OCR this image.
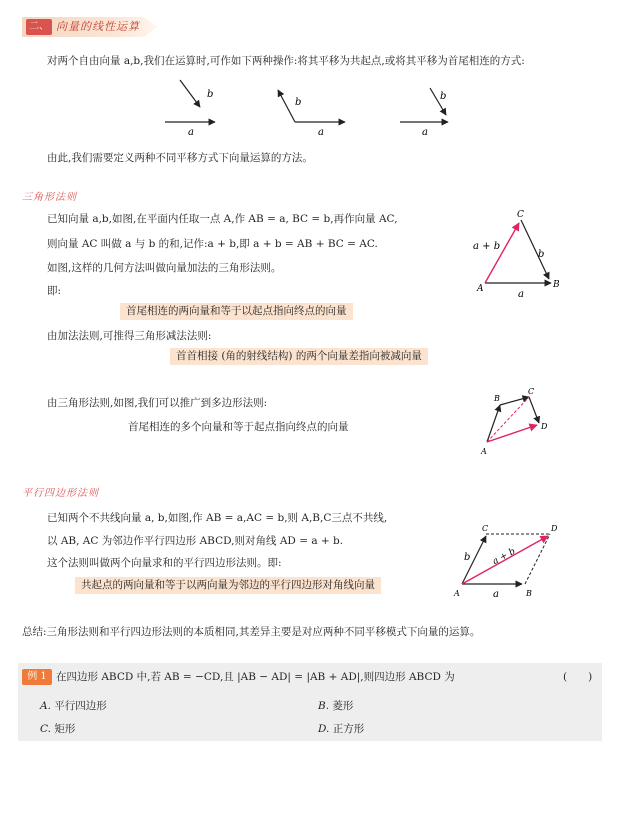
二、 向量的线性运算
对两个自由向量 a,b,我们在运算时,可作如下两种操作:将其平移为共起点,或将其平移为首尾相连的方式:
b
a
b
a
b
a
由此,我们需要定义两种不同平移方式下向量运算的方法。
三角形法则
已知向量 a,b,如图,在平面内任取一点 A,作 AB = a, BC = b,再作向量 AC,
则向量 AC 叫做 a 与 b 的和,记作:a + b,即 a + b = AB + BC = AC.
如图,这样的几何方法叫做向量加法的三角形法则。
即:
首尾相连的两向量和等于以起点指向终点的向量
由加法法则,可推得三角形减法法则:
首首相接 (角的射线结构) 的两个向量差指向被减向量
A	B
C
a
b
a + b
由三角形法则,如图,我们可以推广到多边形法则:
首尾相连的多个向量和等于起点指向终点的向量
A
B
C
D
平行四边形法则
已知两个不共线向量 a, b,如图,作 AB = a,AC = b,则 A,B,C三点不共线,
以 AB, AC 为邻边作平行四边形 ABCD,则对角线 AD = a + b.
这个法则叫做两个向量求和的平行四边形法则。即:
共起点的两向量和等于以两向量为邻边的平行四边形对角线向量
A	B
C	D
a
b a + b
总结:三角形法则和平行四边形法则的本质相同,其差异主要是对应两种不同平移模式下向量的运算。
例 1 在四边形 ABCD 中,若 AB = −CD,且 |AB − AD| = |AB + AD|,则四边形 ABCD 为	(　　)
A. 平行四边形	B. 菱形
C. 矩形	D. 正方形
